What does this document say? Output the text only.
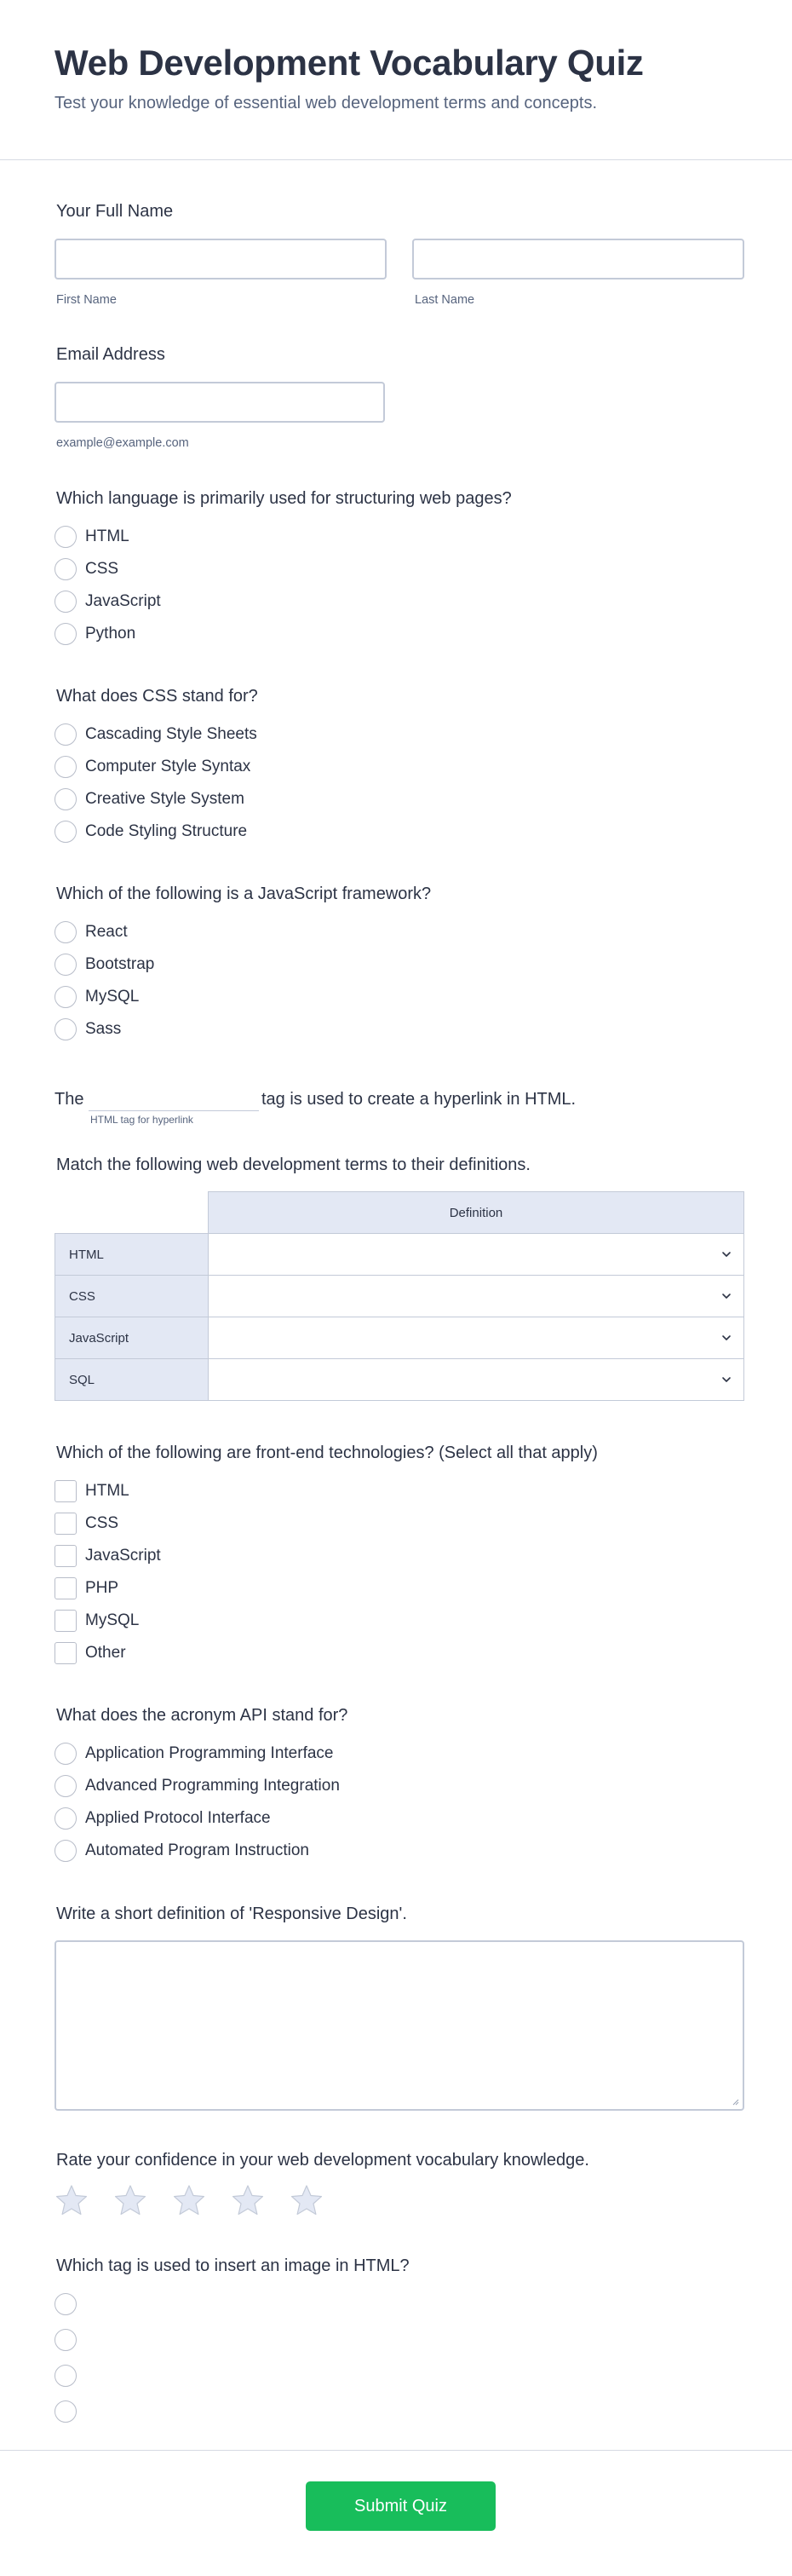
Web Development Vocabulary Quiz
Test your knowledge of essential web development terms and concepts.
Your Full Name
First Name	Last Name
Email Address
example@example.com
Which language is primarily used for structuring web pages?
HTML
CSS
JavaScript
Python
What does CSS stand for?
Cascading Style Sheets
Computer Style Syntax
Creative Style System
Code Styling Structure
Which of the following is a JavaScript framework?
React
Bootstrap
MySQL
Sass
The	tag is used to create a hyperlink in HTML.
HTML tag for hyperlink
Match the following web development terms to their definitions.
Definition
HTML
CSS
JavaScript
SQL
Which of the following are front-end technologies? (Select all that apply)
HTML
CSS
JavaScript
PHP
MySQL
Other
What does the acronym API stand for?
Application Programming Interface
Advanced Programming Integration
Applied Protocol Interface
Automated Program Instruction
Write a short definition of 'Responsive Design'.
Rate your confidence in your web development vocabulary knowledge.
Which tag is used to insert an image in HTML?
Submit Quiz
